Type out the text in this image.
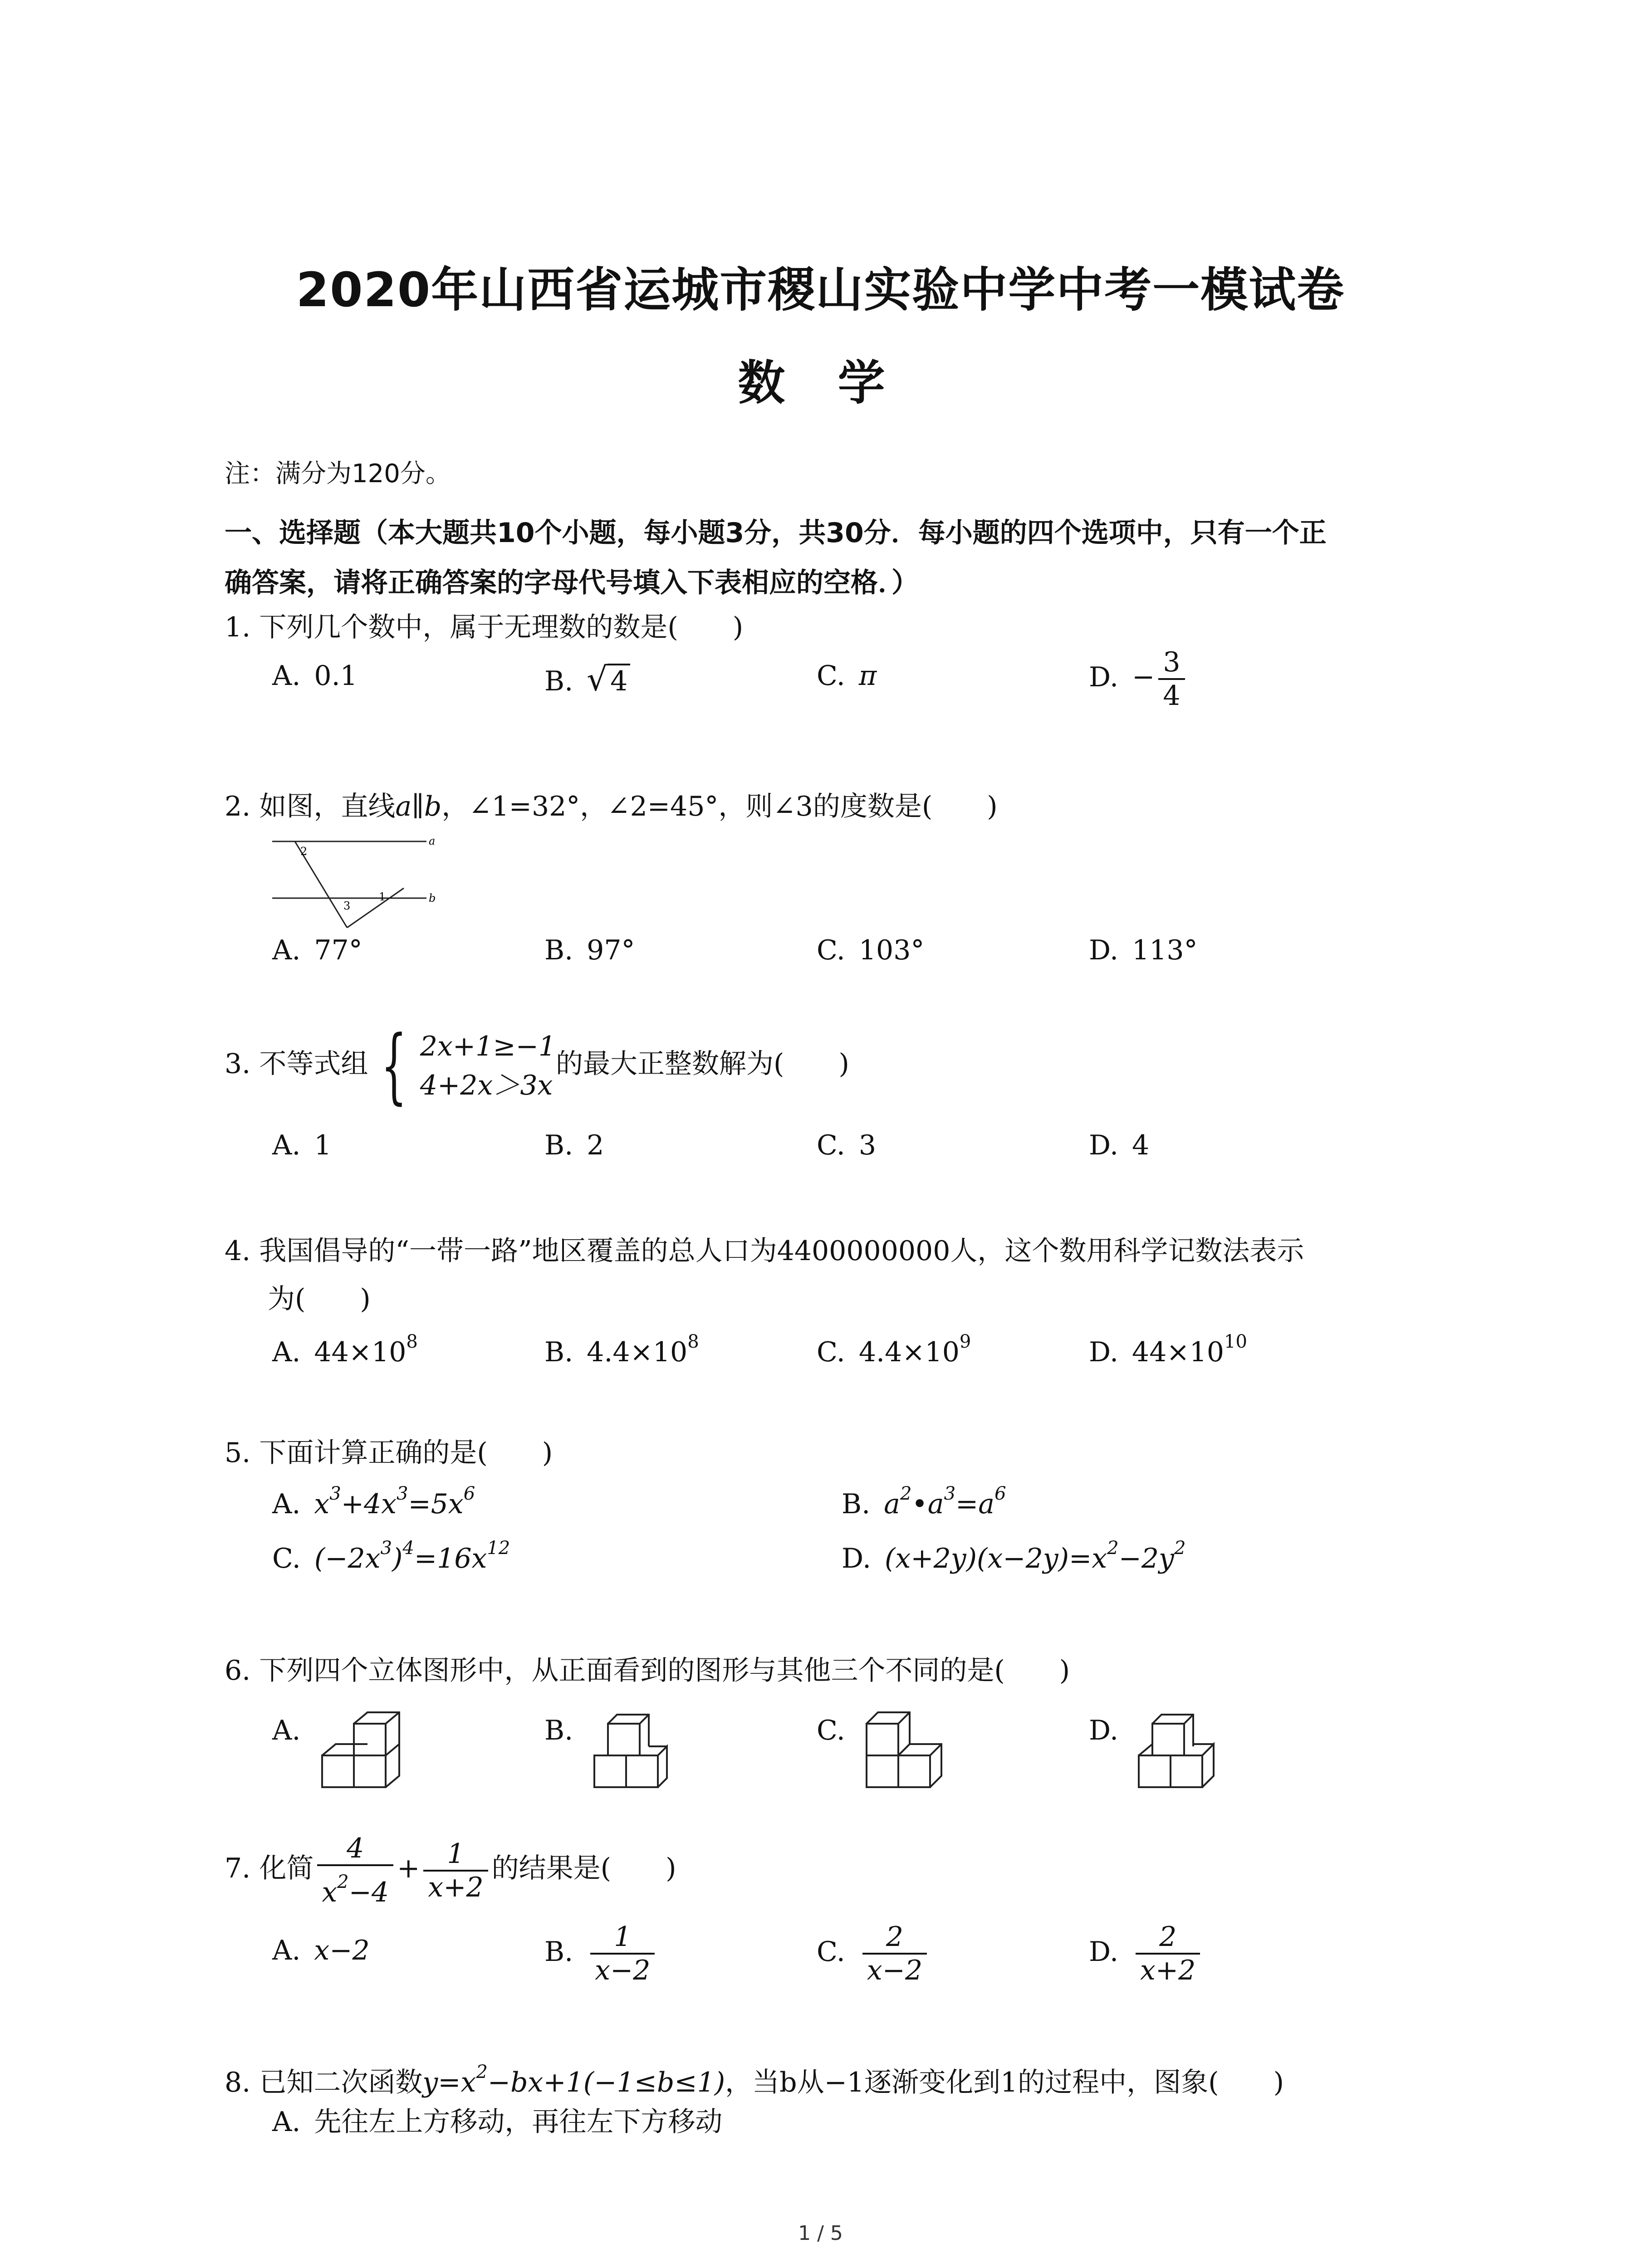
2020年山西省运城市稷山实验中学中考一模试卷
数 学
注：满分为120分。
一、选择题（本大题共10个小题，每小题3分，共30分．每小题的四个选项中，只有一个正
确答案，请将正确答案的字母代号填入下表相应的空格．）
1. 下列几个数中，属于无理数的数是(　　)
A. 0.1	B. √ 4	C. π	D. − $\frac{3}{4}$
2. 如图，直线a∥b，∠1=32°，∠2=45°，则∠3的度数是(　　)
a
b
2
1
3
A. 77°	B. 97°	C. 103°	D. 113°
3. 不等式组 { 2x+1≥−1
4+2x＞3x
的最大正整数解为(　　)
A. 1	B. 2	C. 3	D. 4
4. 我国倡导的“一带一路”地区覆盖的总人口为4400000000人，这个数用科学记数法表示
为(　　)
A. $44\times 10^8$	B. $4.4\times 10^8$	C. $4.4\times 10^9$	D. $44\times 10^{10}$
5. 下面计算正确的是(　　)
A. $x^3+4x^3=5x^6$	B. $a^2•a^3=a^6$
C. $(-2x^3)^4=16x^{12}$	D. $(x+2y)(x-2y)=x^2-2y^2$
6. 下列四个立体图形中，从正面看到的图形与其他三个不同的是(　　)
A.	B.	C.	D.
7. 化简 $\frac{4}{x^2-4} + \frac{1}{x+2}$ 的结果是(　　)
A. x−2	B. $\frac{1}{x-2}$	C. $\frac{2}{x-2}$	D. $\frac{2}{x+2}$
8. 已知二次函数$y=x^2-bx+1(-1\le b\le 1)$，当b从−1逐渐变化到1的过程中，图象(　　)
A. 先往左上方移动，再往左下方移动
1 / 5
